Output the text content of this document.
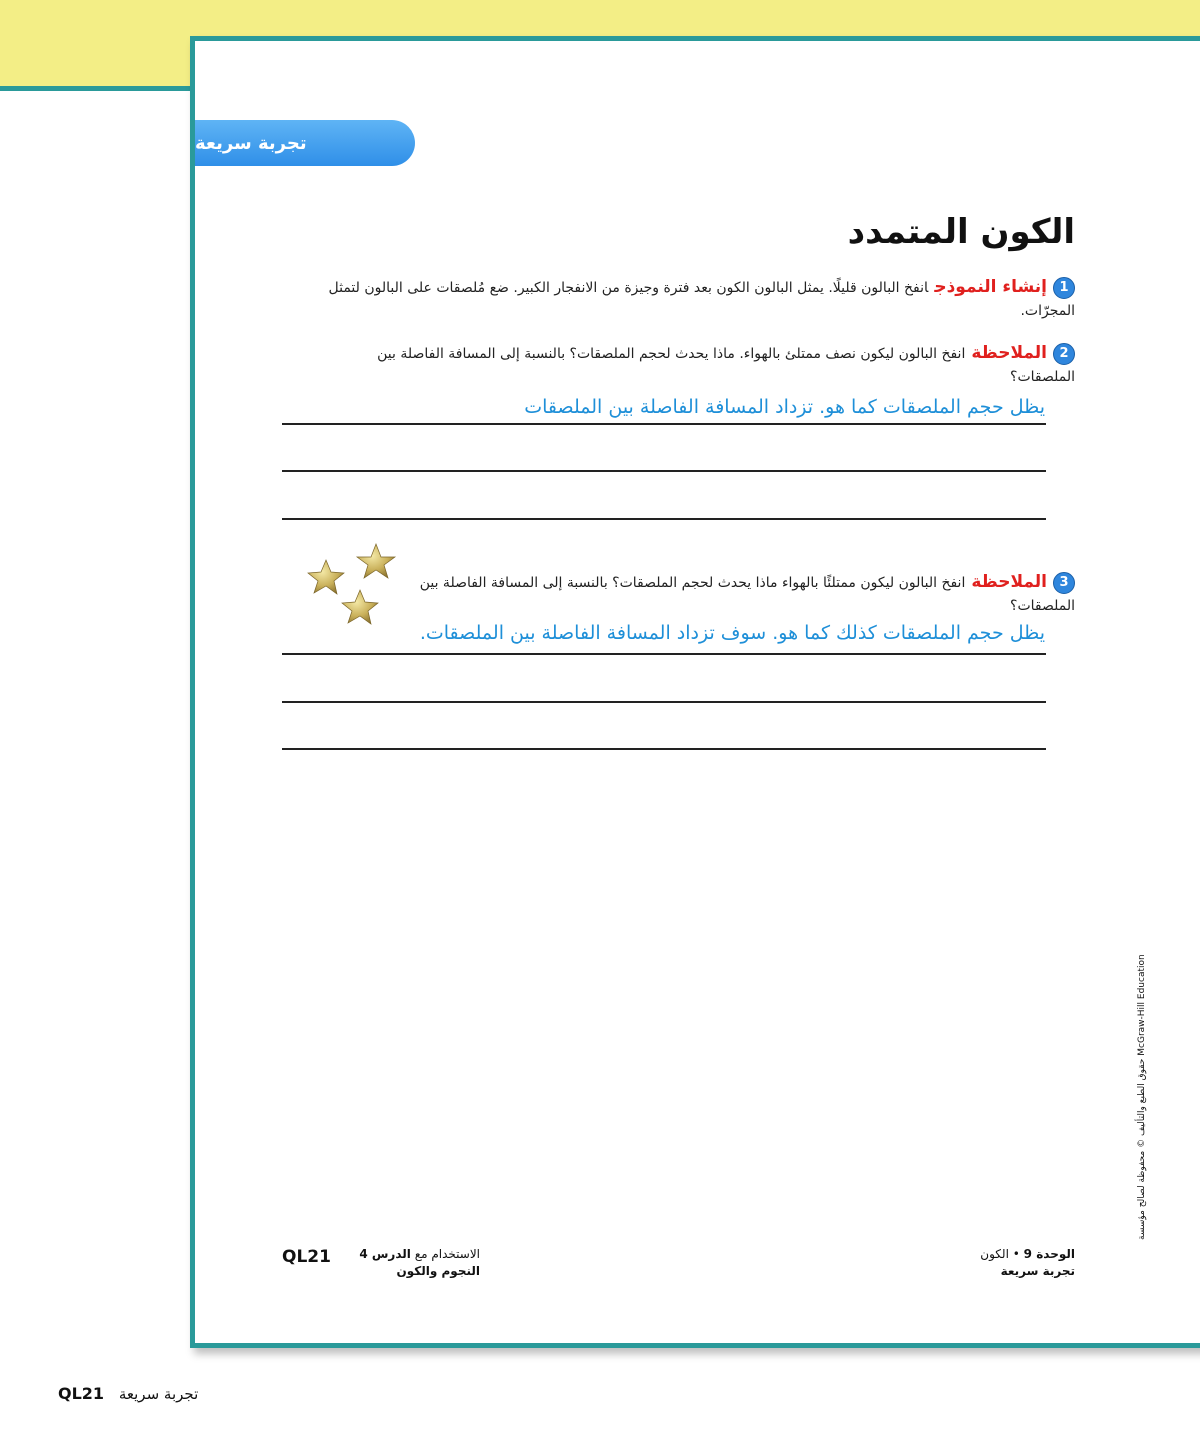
تجربة سريعة
الكون المتمدد
1إنشاء النموذجانفخ البالون قليلًا. يمثل البالون الكون بعد فترة وجيزة من الانفجار الكبير. ضع مُلصقات على البالون لتمثل المجرّات.
2الملاحظةانفخ البالون ليكون نصف ممتلئ بالهواء. ماذا يحدث لحجم الملصقات؟ بالنسبة إلى المسافة الفاصلة بين الملصقات؟
يظل حجم الملصقات كما هو. تزداد المسافة الفاصلة بين الملصقات
3الملاحظةانفخ البالون ليكون ممتلئًا بالهواء ماذا يحدث لحجم الملصقات؟ بالنسبة إلى المسافة الفاصلة بين الملصقات؟
يظل حجم الملصقات كذلك كما هو. سوف تزداد المسافة الفاصلة بين الملصقات.
QL21	الاستخدام مع الدرس 4
النجوم والكون
الوحدة 9 • الكون
تجربة سريعة
حقوق الطبع والتأليف © محفوظة لصالح مؤسسة McGraw-Hill Education
QL21 تجربة سريعة
